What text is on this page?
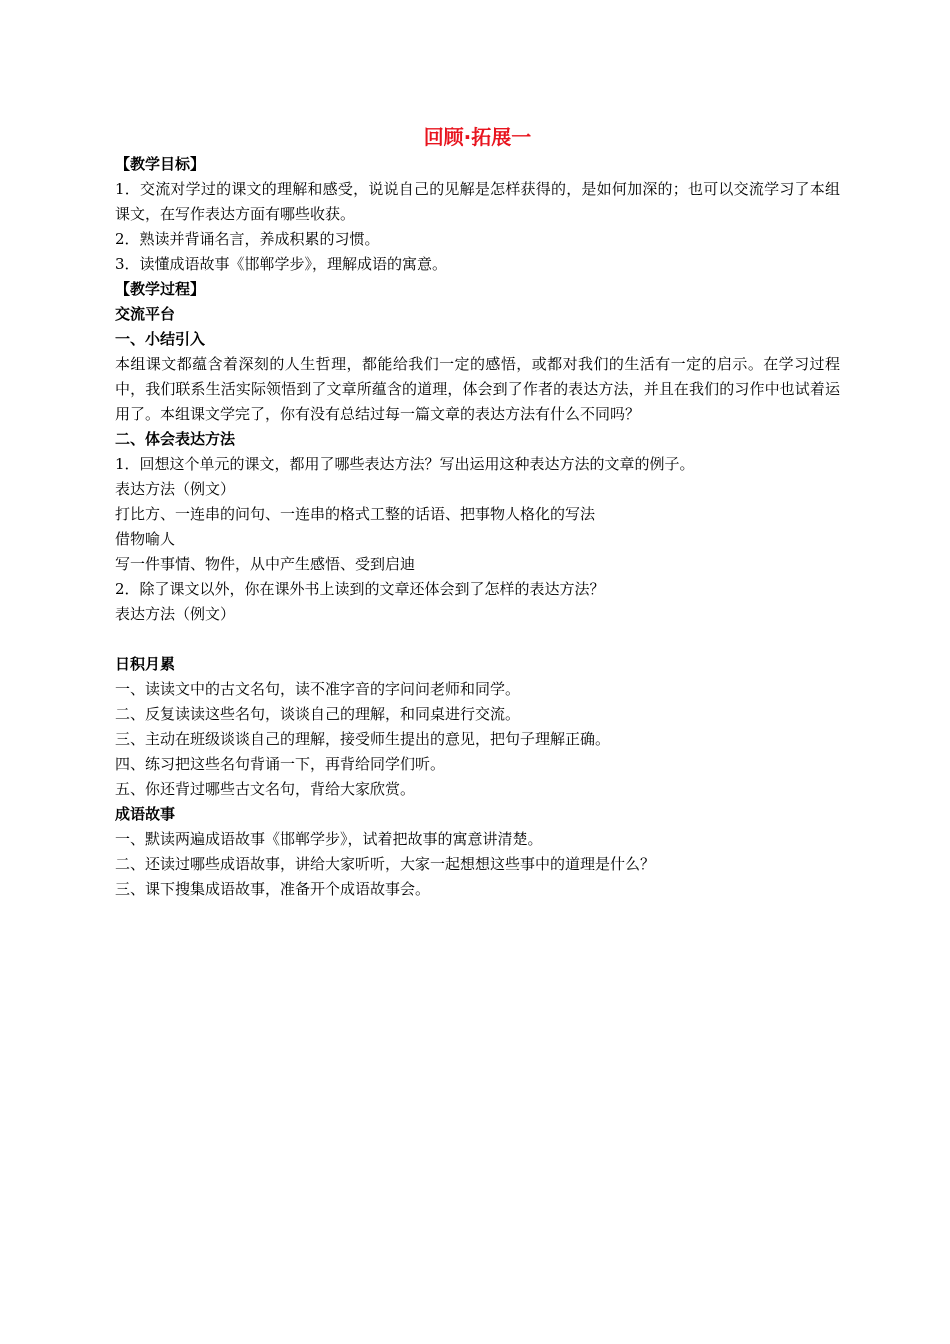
回顾·拓展一
【教学目标】
1．交流对学过的课文的理解和感受，说说自己的见解是怎样获得的，是如何加深的；也可以交流学习了本组课文，在写作表达方面有哪些收获。
2．熟读并背诵名言，养成积累的习惯。
3．读懂成语故事《邯郸学步》，理解成语的寓意。
【教学过程】
交流平台
一、小结引入
本组课文都蕴含着深刻的人生哲理，都能给我们一定的感悟，或都对我们的生活有一定的启示。在学习过程中，我们联系生活实际领悟到了文章所蕴含的道理，体会到了作者的表达方法，并且在我们的习作中也试着运用了。本组课文学完了，你有没有总结过每一篇文章的表达方法有什么不同吗？
二、体会表达方法
1．回想这个单元的课文，都用了哪些表达方法？写出运用这种表达方法的文章的例子。
表达方法（例文）
打比方、一连串的问句、一连串的格式工整的话语、把事物人格化的写法
借物喻人
写一件事情、物件，从中产生感悟、受到启迪
2．除了课文以外，你在课外书上读到的文章还体会到了怎样的表达方法？
表达方法（例文）
日积月累
一、读读文中的古文名句，读不准字音的字问问老师和同学。
二、反复读读这些名句，谈谈自己的理解，和同桌进行交流。
三、主动在班级谈谈自己的理解，接受师生提出的意见，把句子理解正确。
四、练习把这些名句背诵一下，再背给同学们听。
五、你还背过哪些古文名句，背给大家欣赏。
成语故事
一、默读两遍成语故事《邯郸学步》，试着把故事的寓意讲清楚。
二、还读过哪些成语故事，讲给大家听听，大家一起想想这些事中的道理是什么？
三、课下搜集成语故事，准备开个成语故事会。
